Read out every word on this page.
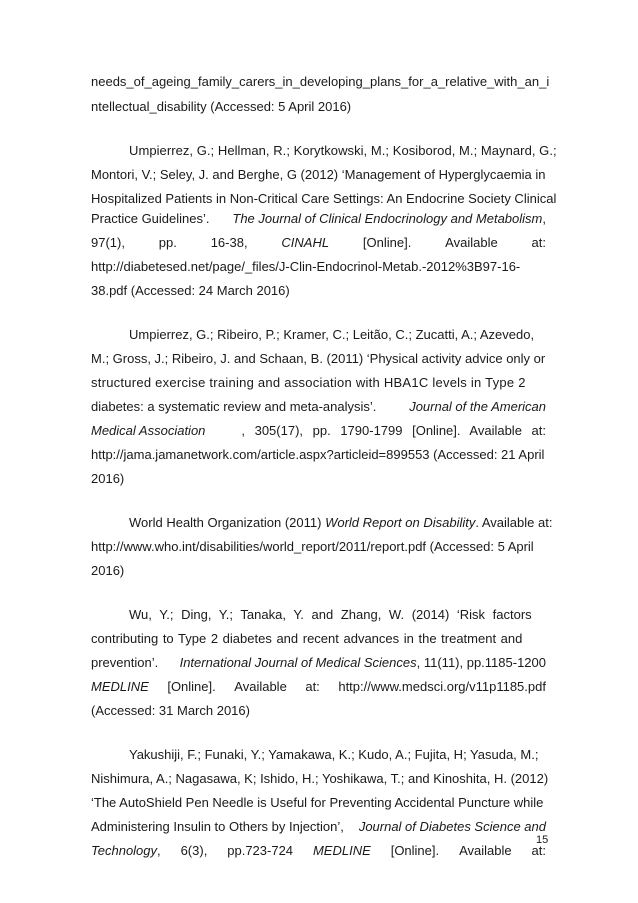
needs_of_ageing_family_carers_in_developing_plans_for_a_relative_with_an_i
ntellectual_disability (Accessed: 5 April 2016)
Umpierrez, G.; Hellman, R.; Korytkowski, M.; Kosiborod, M.; Maynard, G.;
Montori, V.; Seley, J. and Berghe, G (2012) ‘Management of Hyperglycaemia in
Hospitalized Patients in Non-Critical Care Settings: An Endocrine Society Clinical
Practice Guidelines’. The Journal of Clinical Endocrinology and Metabolism,
97(1),	pp.	16-38,	CINAHL	[Online].	Available	at:
http://diabetesed.net/page/_files/J-Clin-Endocrinol-Metab.-2012%3B97-16-
38.pdf (Accessed: 24 March 2016)
Umpierrez, G.; Ribeiro, P.; Kramer, C.; Leitão, C.; Zucatti, A.; Azevedo,
M.; Gross, J.; Ribeiro, J. and Schaan, B. (2011) ‘Physical activity advice only or
structured exercise training and association with HBA1C levels in Type 2
diabetes: a systematic review and meta-analysis’.	Journal of the American
Medical Association	, 305(17), pp. 1790-1799 [Online]. Available at:
http://jama.jamanetwork.com/article.aspx?articleid=899553 (Accessed: 21 April
2016)
World Health Organization (2011) World Report on Disability. Available at:
http://www.who.int/disabilities/world_report/2011/report.pdf (Accessed: 5 April
2016)
Wu, Y.; Ding, Y.; Tanaka, Y. and Zhang, W. (2014) ‘Risk factors
contributing to Type 2 diabetes and recent advances in the treatment and
prevention’. International Journal of Medical Sciences, 11(11), pp.1185-1200
MEDLINE [Online]. Available at: http://www.medsci.org/v11p1185.pdf
(Accessed: 31 March 2016)
Yakushiji, F.; Funaki, Y.; Yamakawa, K.; Kudo, A.; Fujita, H; Yasuda, M.;
Nishimura, A.; Nagasawa, K; Ishido, H.; Yoshikawa, T.; and Kinoshita, H. (2012)
‘The AutoShield Pen Needle is Useful for Preventing Accidental Puncture while
Administering Insulin to Others by Injection’, Journal of Diabetes Science and
Technology, 6(3), pp.723-724 MEDLINE [Online]. Available at:
15
